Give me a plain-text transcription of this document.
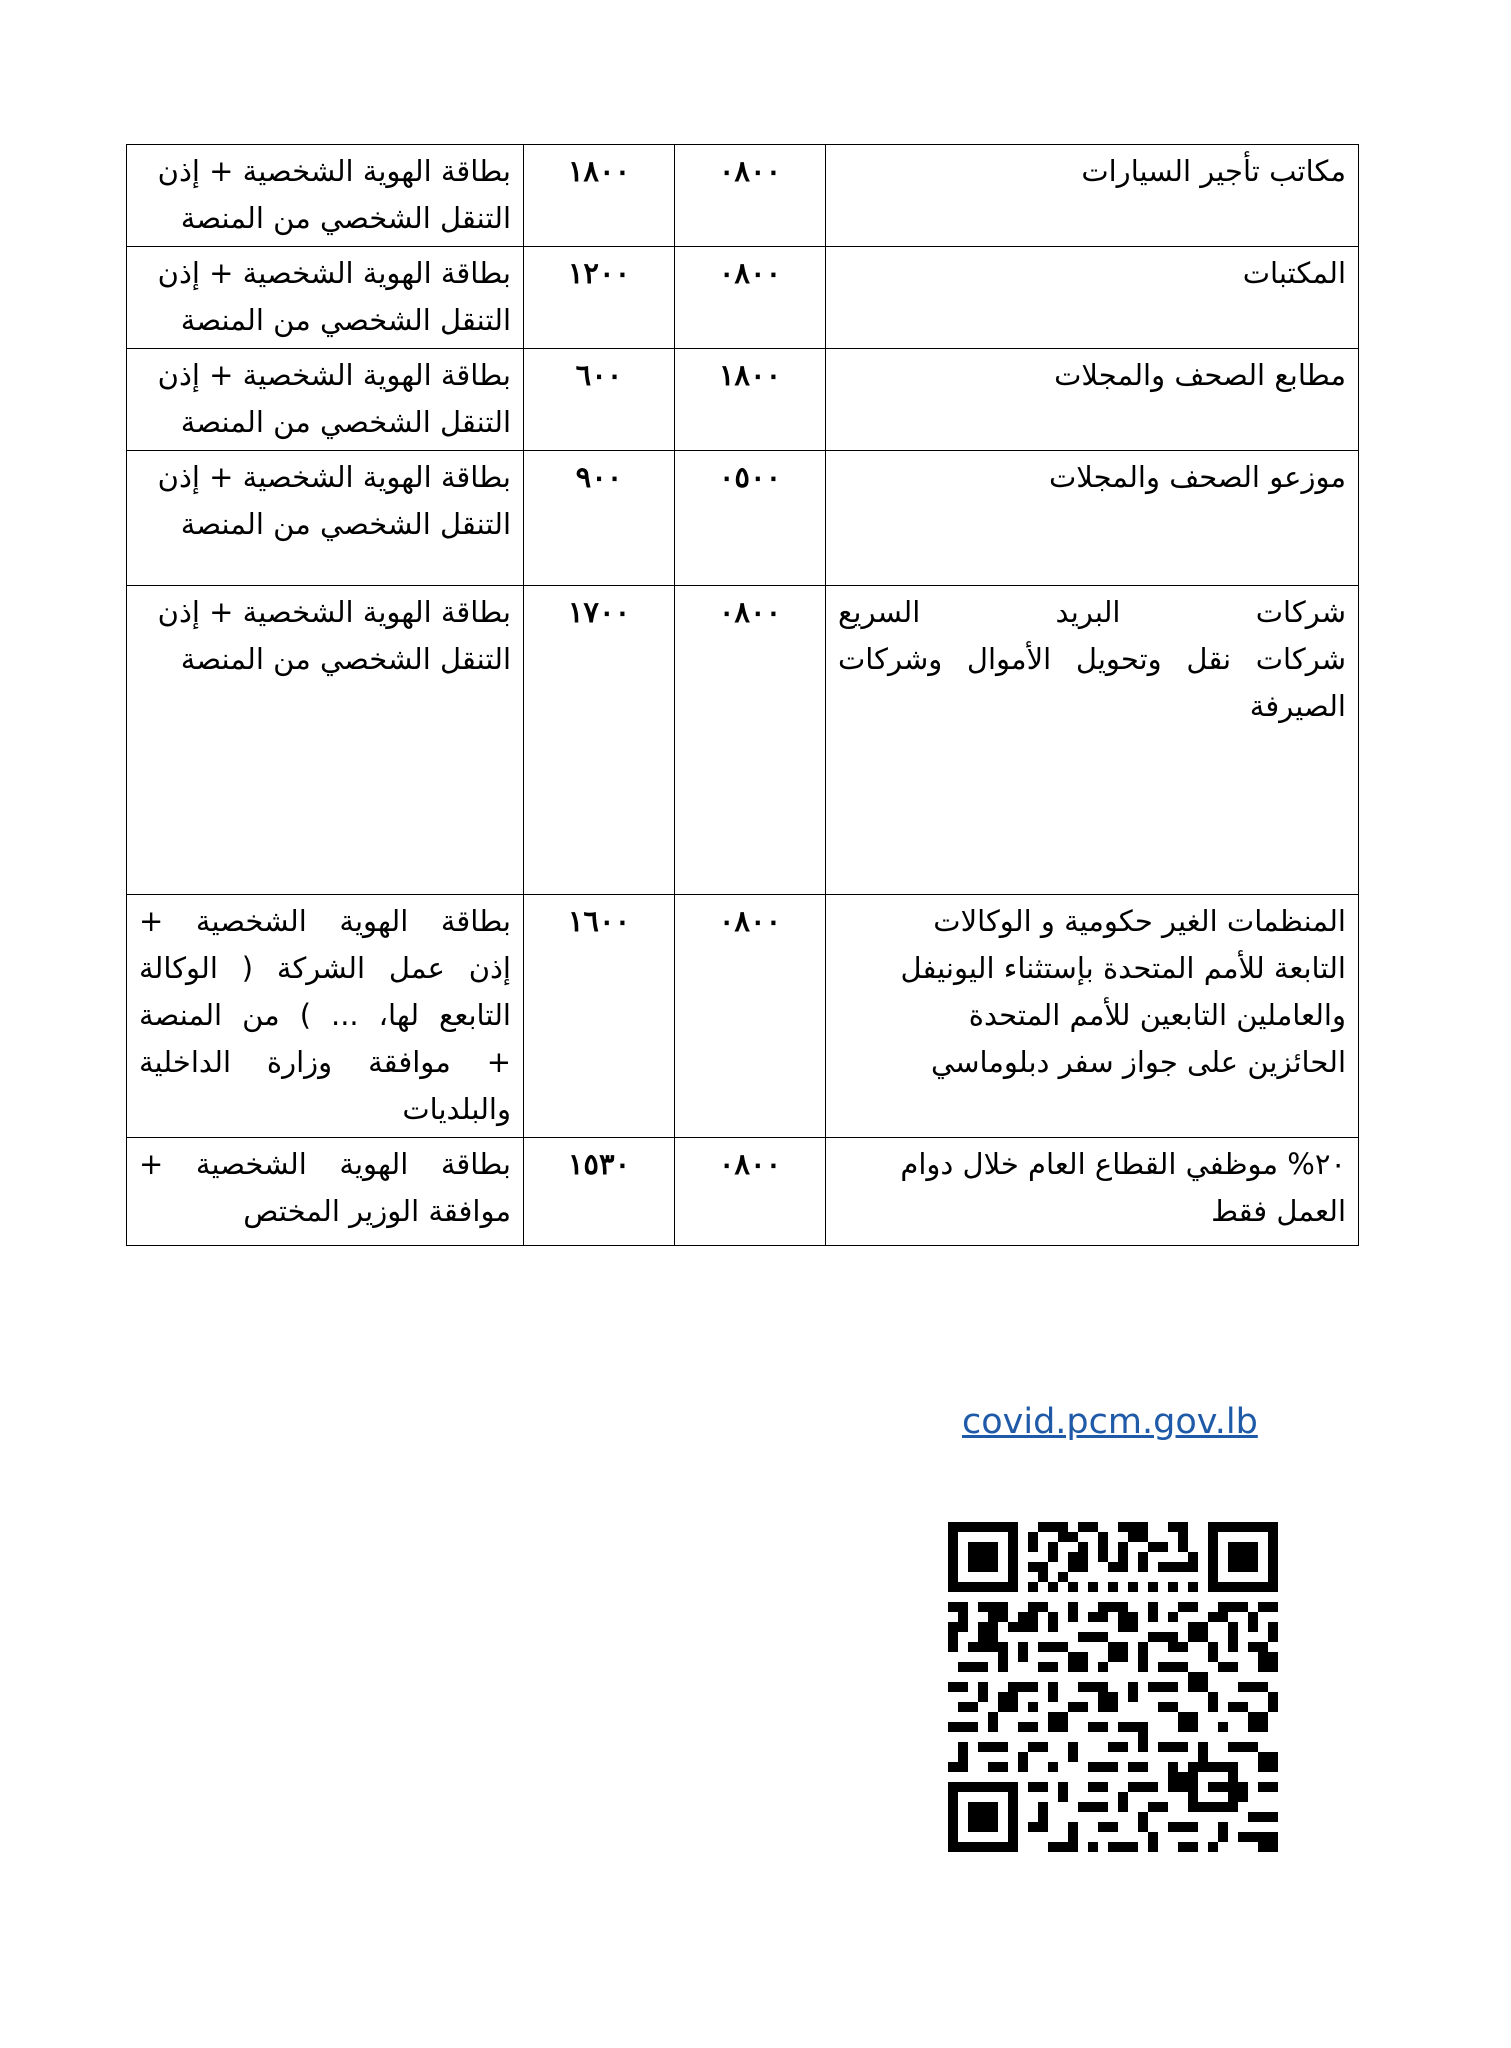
مكاتب تأجير السيارات	٠٨٠٠	١٨٠٠	بطاقة الهوية الشخصية + إذن
التنقل الشخصي من المنصة

المكتبات	٠٨٠٠	١٢٠٠	بطاقة الهوية الشخصية + إذن
التنقل الشخصي من المنصة

مطابع الصحف والمجلات	١٨٠٠	٦٠٠	بطاقة الهوية الشخصية + إذن
التنقل الشخصي من المنصة

موزعو الصحف والمجلات	٠٥٠٠	٩٠٠	بطاقة الهوية الشخصية + إذن
التنقل الشخصي من المنصة

شركات البريد السريع
شركات نقل وتحويل الأموال وشركات الصيرفة	٠٨٠٠	١٧٠٠	بطاقة الهوية الشخصية + إذن
التنقل الشخصي من المنصة

المنظمات الغير حكومية و الوكالات
التابعة للأمم المتحدة بإستثناء اليونيفل
والعاملين التابعين للأمم المتحدة
الحائزين على جواز سفر دبلوماسي	٠٨٠٠	١٦٠٠	بطاقة الهوية الشخصية +
إذن عمل الشركة ( الوكالة
التابعع لها، ... ) من المنصة
+ موافقة وزارة الداخلية
والبلديات

٢٠% موظفي القطاع العام خلال دوام
العمل فقط	٠٨٠٠	١٥٣٠	بطاقة الهوية الشخصية +
موافقة الوزير المختص
covid.pcm.gov.lb
